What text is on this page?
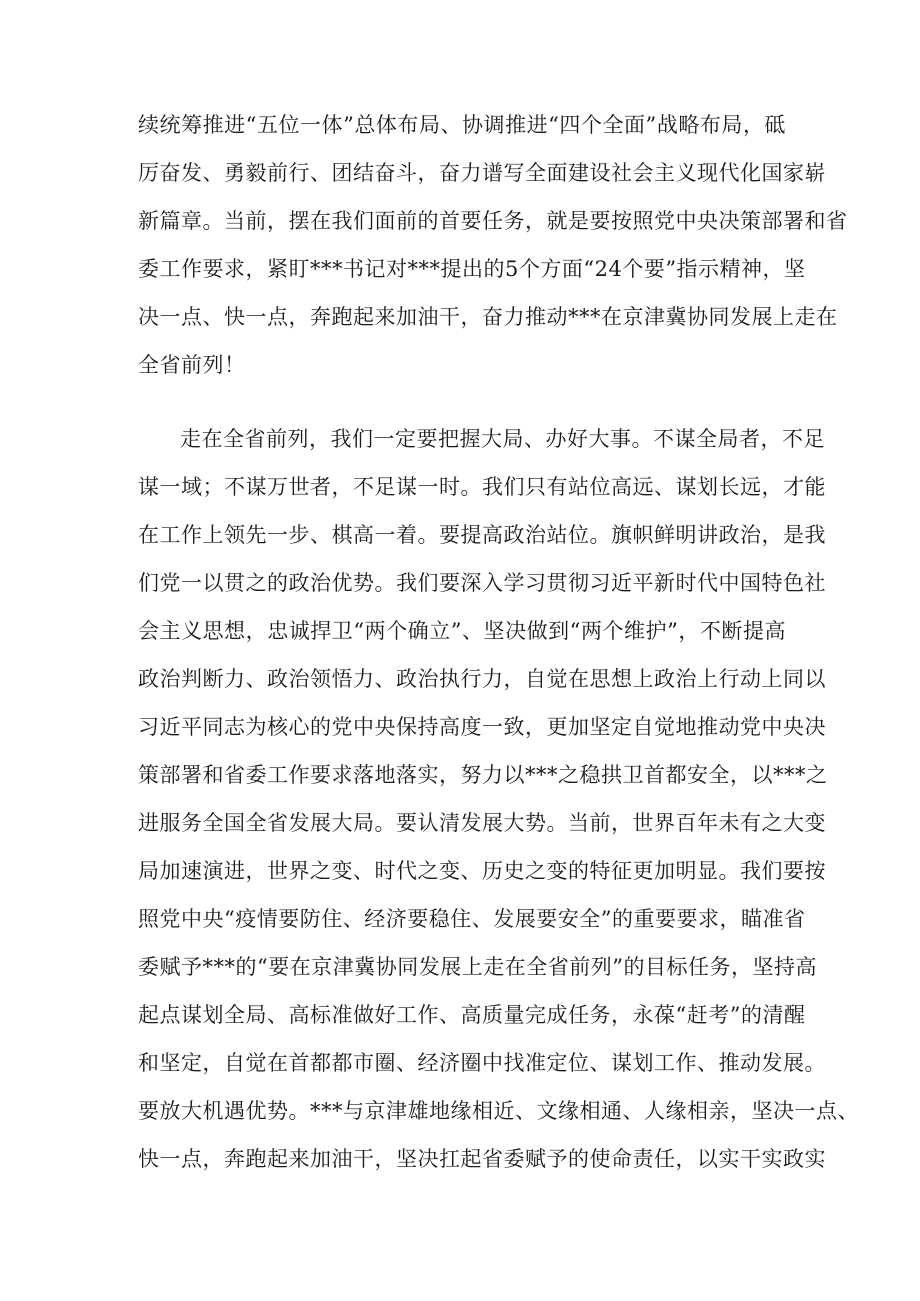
续统筹推进“五位一体”总体布局、协调推进“四个全面”战略布局，砥
厉奋发、勇毅前行、团结奋斗，奋力谱写全面建设社会主义现代化国家崭
新篇章。当前，摆在我们面前的首要任务，就是要按照党中央决策部署和省
委工作要求，紧盯***书记对***提出的5个方面“24个要”指示精神，坚
决一点、快一点，奔跑起来加油干，奋力推动***在京津冀协同发展上走在
全省前列！
走在全省前列，我们一定要把握大局、办好大事。不谋全局者，不足
谋一域；不谋万世者，不足谋一时。我们只有站位高远、谋划长远，才能
在工作上领先一步、棋高一着。要提高政治站位。旗帜鲜明讲政治，是我
们党一以贯之的政治优势。我们要深入学习贯彻习近平新时代中国特色社
会主义思想，忠诚捍卫“两个确立”、坚决做到“两个维护”，不断提高
政治判断力、政治领悟力、政治执行力，自觉在思想上政治上行动上同以
习近平同志为核心的党中央保持高度一致，更加坚定自觉地推动党中央决
策部署和省委工作要求落地落实，努力以***之稳拱卫首都安全，以***之
进服务全国全省发展大局。要认清发展大势。当前，世界百年未有之大变
局加速演进，世界之变、时代之变、历史之变的特征更加明显。我们要按
照党中央“疫情要防住、经济要稳住、发展要安全”的重要要求，瞄准省
委赋予***的“要在京津冀协同发展上走在全省前列”的目标任务，坚持高
起点谋划全局、高标准做好工作、高质量完成任务，永葆“赶考”的清醒
和坚定，自觉在首都都市圈、经济圈中找准定位、谋划工作、推动发展。
要放大机遇优势。***与京津雄地缘相近、文缘相通、人缘相亲，坚决一点、
快一点，奔跑起来加油干，坚决扛起省委赋予的使命责任，以实干实政实
